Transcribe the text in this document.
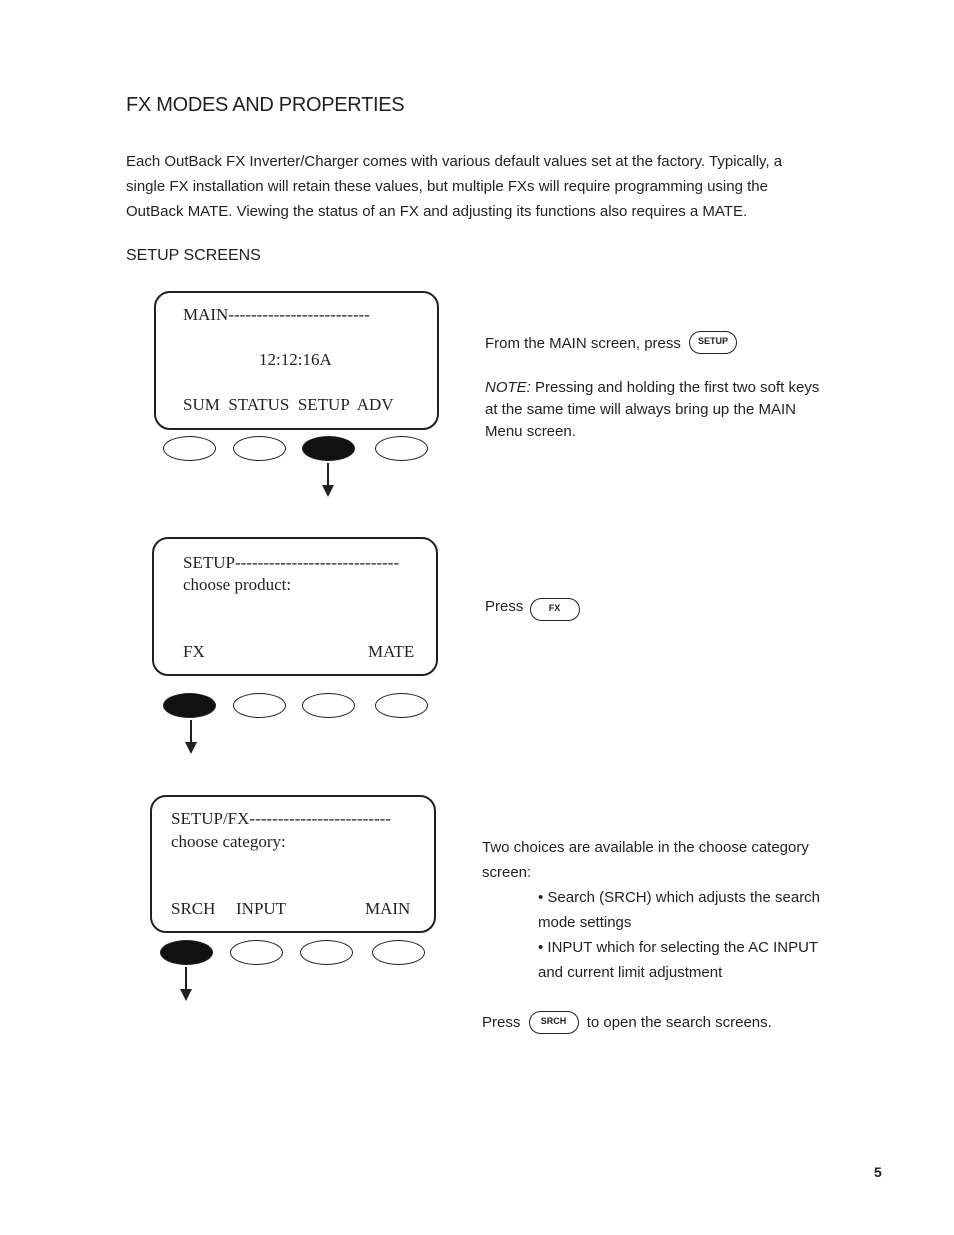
FX MODES AND PROPERTIES

Each OutBack FX Inverter/Charger comes with various default values set at the factory. Typically, a single FX installation will retain these values, but multiple FXs will require programming using the OutBack MATE. Viewing the status of an FX and adjusting its functions also requires a MATE.

SETUP SCREENS
MAIN-------------------------
12:12:16A
SUM  STATUS  SETUP  ADV
SETUP-----------------------------
choose product:
FX	MATE
SETUP/FX-------------------------
choose category:
SRCH INPUT	MAIN
From the MAIN screen, press SETUP

NOTE: Pressing and holding the first two soft keys at the same time will always bring up the MAIN Menu screen.

Press	FX

Two choices are available in the choose category screen:

• Search (SRCH) which adjusts the search mode settings

• INPUT which for selecting the AC INPUT and current limit adjustment

Press SRCH to open the search screens.
5
